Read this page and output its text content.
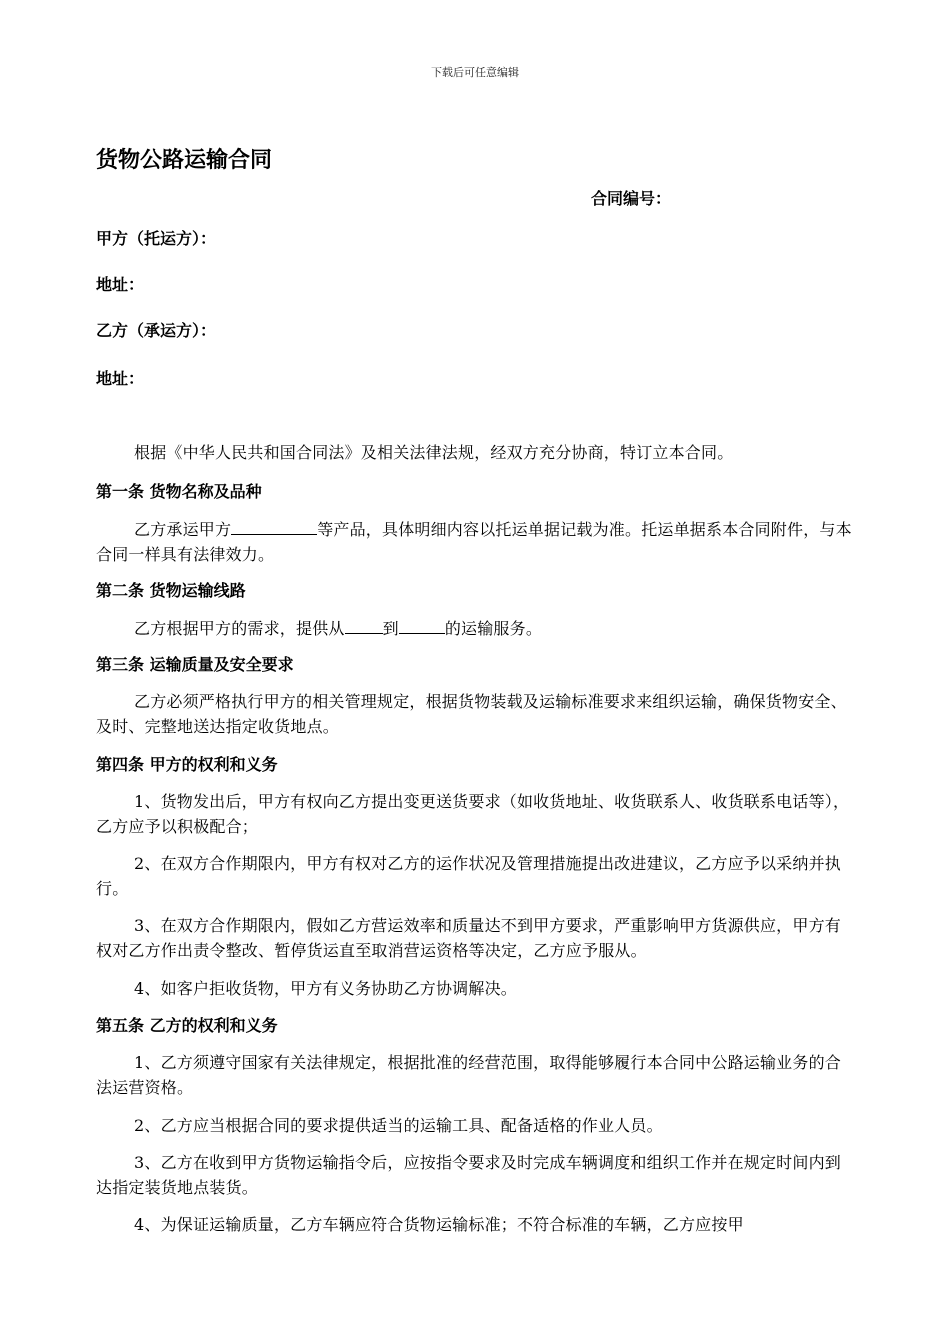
下载后可任意编辑
货物公路运输合同
合同编号：
甲方（托运方）：
地址：
乙方（承运方）：
地址：
根据《中华人民共和国合同法》及相关法律法规，经双方充分协商，特订立本合同。
第一条 货物名称及品种
乙方承运甲方	等产品，具体明细内容以托运单据记载为准。托运单据系本合同附件，与本合同一样具有法律效力。
第二条 货物运输线路
乙方根据甲方的需求，提供从 到	的运输服务。
第三条 运输质量及安全要求
乙方必须严格执行甲方的相关管理规定，根据货物装载及运输标准要求来组织运输，确保货物安全、及时、完整地送达指定收货地点。
第四条 甲方的权利和义务
1、货物发出后，甲方有权向乙方提出变更送货要求（如收货地址、收货联系人、收货联系电话等），乙方应予以积极配合；
2、在双方合作期限内，甲方有权对乙方的运作状况及管理措施提出改进建议，乙方应予以采纳并执行。
3、在双方合作期限内，假如乙方营运效率和质量达不到甲方要求，严重影响甲方货源供应，甲方有权对乙方作出责令整改、暂停货运直至取消营运资格等决定，乙方应予服从。
4、如客户拒收货物，甲方有义务协助乙方协调解决。
第五条 乙方的权利和义务
1、乙方须遵守国家有关法律规定，根据批准的经营范围，取得能够履行本合同中公路运输业务的合法运营资格。
2、乙方应当根据合同的要求提供适当的运输工具、配备适格的作业人员。
3、乙方在收到甲方货物运输指令后，应按指令要求及时完成车辆调度和组织工作并在规定时间内到达指定装货地点装货。
4、为保证运输质量，乙方车辆应符合货物运输标准；不符合标准的车辆，乙方应按甲
